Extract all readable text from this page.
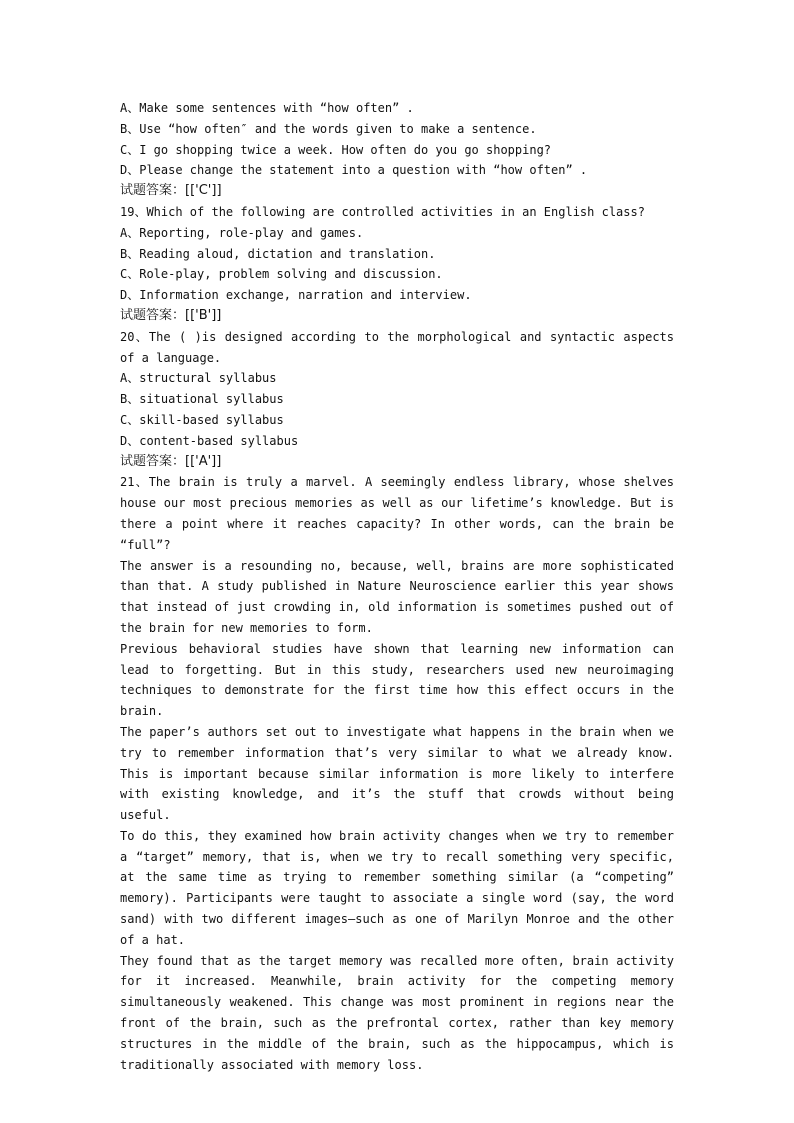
A、Make some sentences with “how often” .

B、Use “how often″ and the words given to make a sentence.

C、I go shopping twice a week. How often do you go shopping?

D、Please change the statement into a question with “how often” .

试题答案：[['C']]

19、Which of the following are controlled activities in an English class?

A、Reporting, role-play and games.

B、Reading aloud, dictation and translation.

C、Role-play, problem solving and discussion.

D、Information exchange, narration and interview.

试题答案：[['B']]

20、The ( )is designed according to the morphological and syntactic aspects of a language.

A、structural syllabus

B、situational syllabus

C、skill-based syllabus

D、content-based syllabus

试题答案：[['A']]

21、The brain is truly a marvel. A seemingly endless library, whose shelves house our most precious memories as well as our lifetime’s knowledge. But is there a point where it reaches capacity? In other words, can the brain be “full”?

The answer is a resounding no, because, well, brains are more sophisticated than that. A study published in Nature Neuroscience earlier this year shows that instead of just crowding in, old information is sometimes pushed out of the brain for new memories to form.

Previous behavioral studies have shown that learning new information can lead to forgetting. But in this study, researchers used new neuroimaging techniques to demonstrate for the first time how this effect occurs in the brain.

The paper’s authors set out to investigate what happens in the brain when we try to remember information that’s very similar to what we already know. This is important because similar information is more likely to interfere with existing knowledge, and it’s the stuff that crowds without being useful.

To do this, they examined how brain activity changes when we try to remember a “target” memory, that is, when we try to recall something very specific, at the same time as trying to remember something similar (a “competing” memory). Participants were taught to associate a single word (say, the word sand) with two different images—such as one of Marilyn Monroe and the other of a hat.

They found that as the target memory was recalled more often, brain activity for it increased. Meanwhile, brain activity for the competing memory simultaneously weakened. This change was most prominent in regions near the front of the brain, such as the prefrontal cortex, rather than key memory structures in the middle of the brain, such as the hippocampus, which is traditionally associated with memory loss.
